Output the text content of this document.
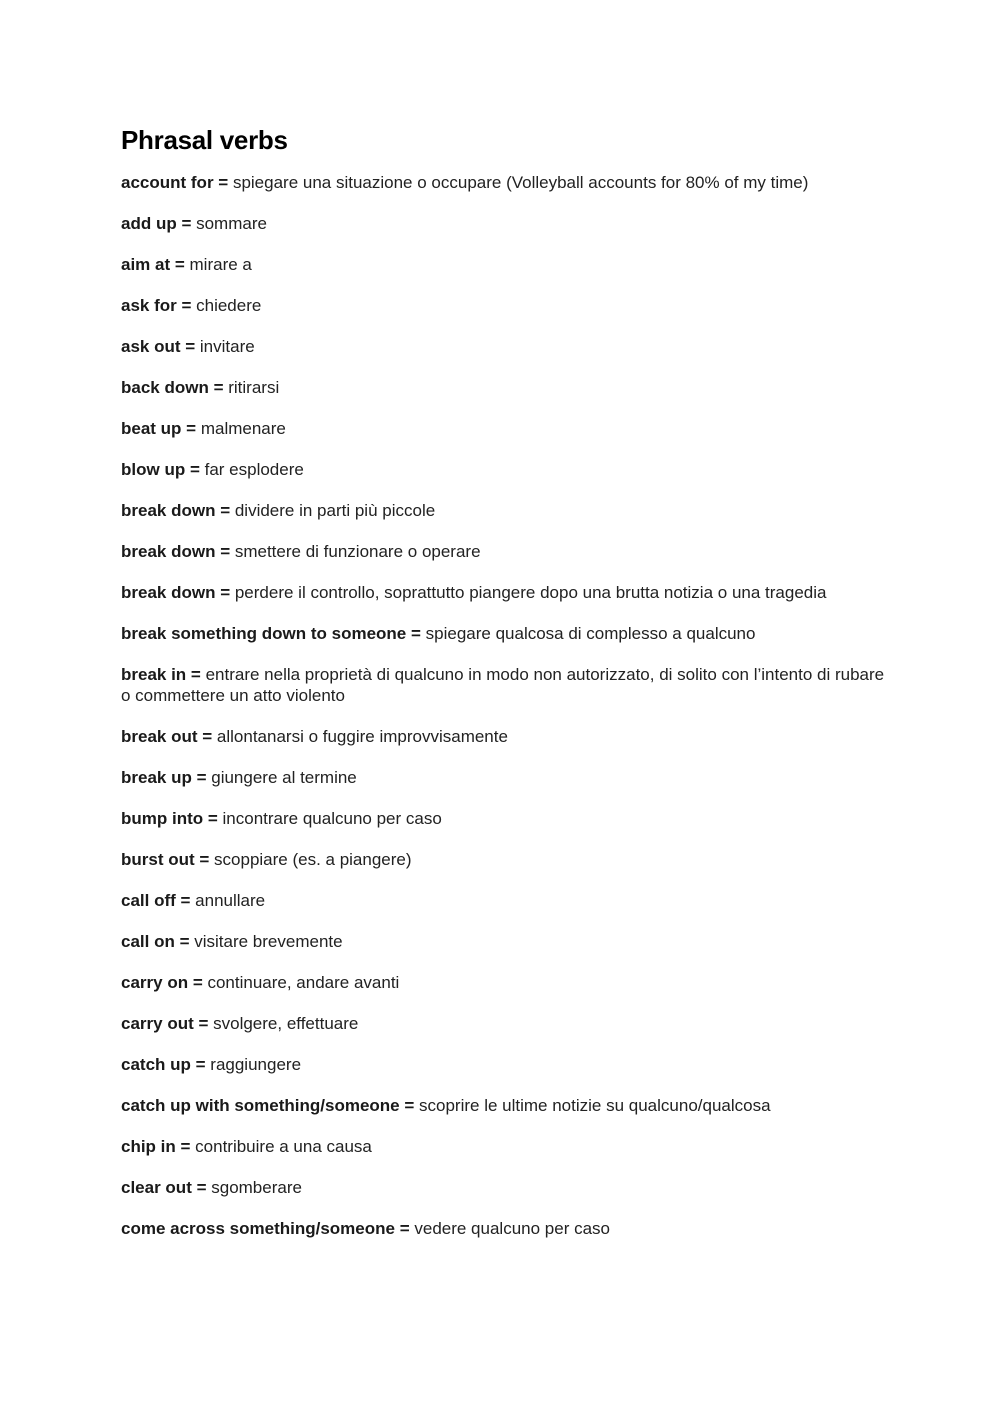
Phrasal verbs

account for = spiegare una situazione o occupare (Volleyball accounts for 80% of my time)

add up = sommare

aim at = mirare a

ask for = chiedere

ask out = invitare

back down = ritirarsi

beat up = malmenare

blow up = far esplodere

break down = dividere in parti più piccole

break down = smettere di funzionare o operare

break down = perdere il controllo, soprattutto piangere dopo una brutta notizia o una tragedia

break something down to someone = spiegare qualcosa di complesso a qualcuno

break in = entrare nella proprietà di qualcuno in modo non autorizzato, di solito con l’intento di rubare o commettere un atto violento

break out = allontanarsi o fuggire improvvisamente

break up = giungere al termine

bump into = incontrare qualcuno per caso

burst out = scoppiare (es. a piangere)

call off = annullare

call on = visitare brevemente

carry on = continuare, andare avanti

carry out = svolgere, effettuare

catch up = raggiungere

catch up with something/someone = scoprire le ultime notizie su qualcuno/qualcosa

chip in = contribuire a una causa

clear out = sgomberare

come across something/someone = vedere qualcuno per caso
